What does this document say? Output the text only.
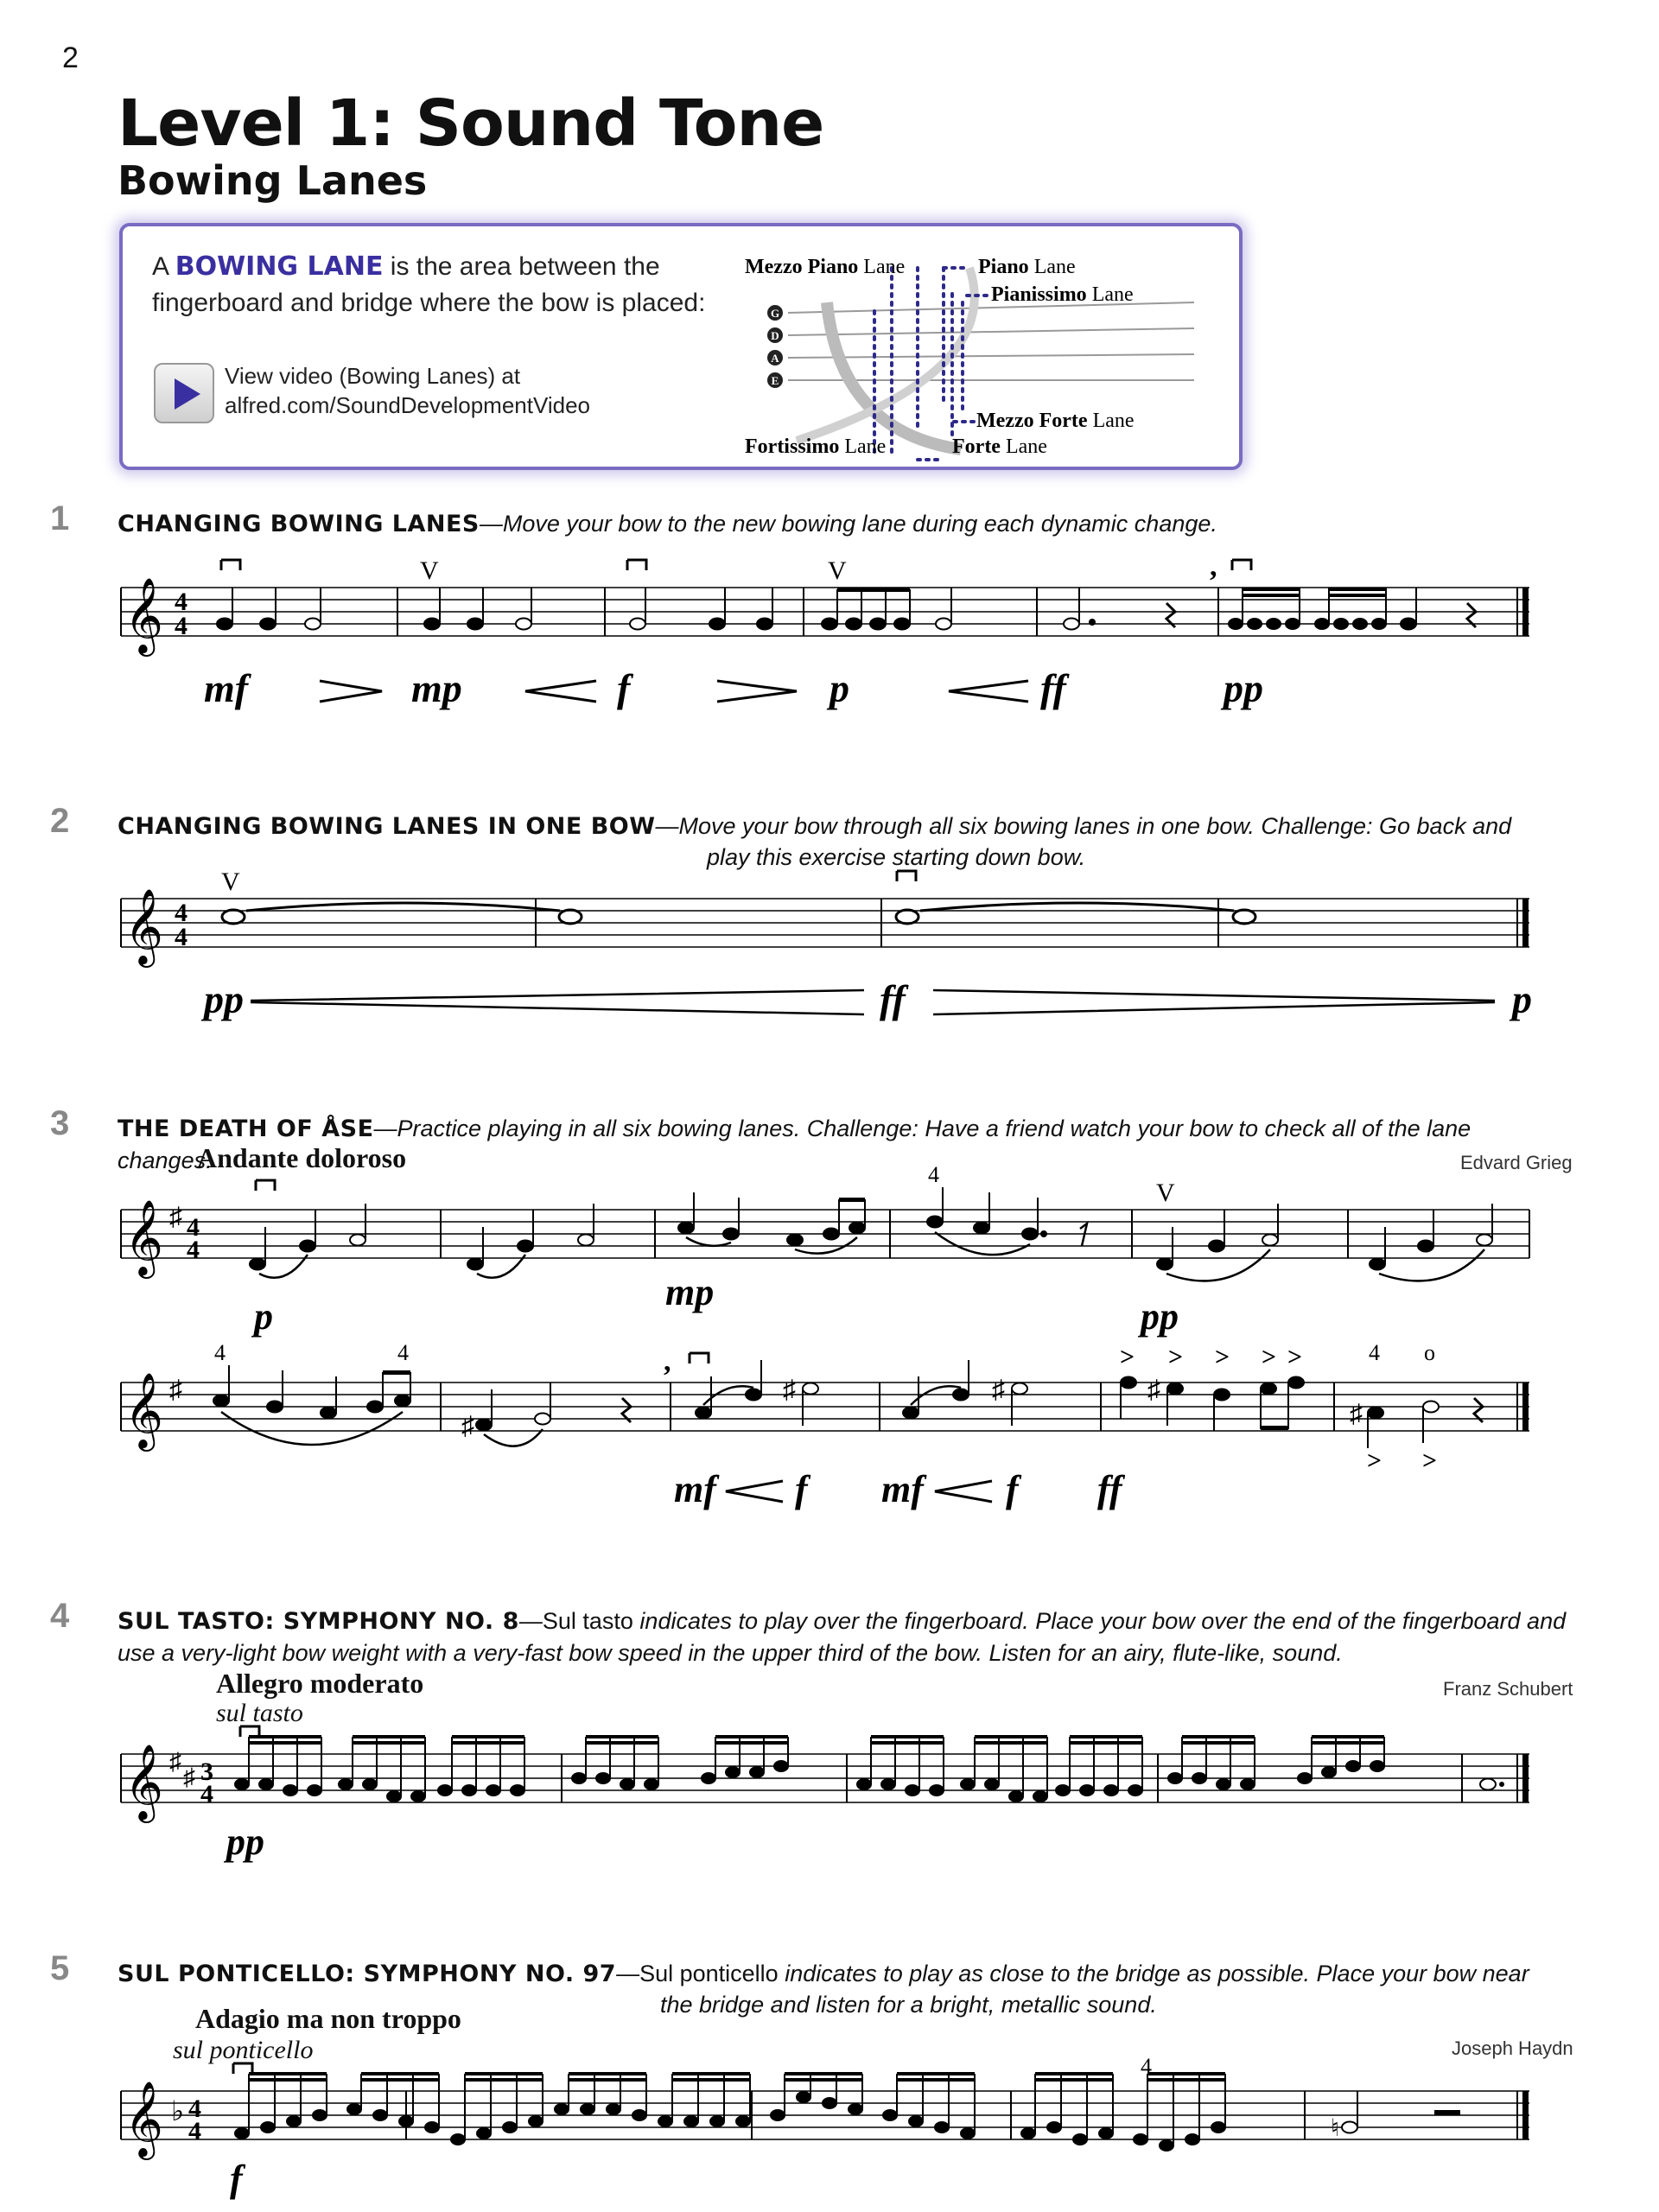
2
Level 1: Sound Tone
Bowing Lanes
A BOWING LANE is the area between the fingerboard and bridge where the bow is placed:
View video (Bowing Lanes) at
alfred.com/SoundDevelopmentVideo
G
D
A
E
Mezzo Piano Lane	Piano Lane
Pianissimo Lane
Mezzo Forte Lane
Fortissimo Lane	Forte Lane
1 CHANGING BOWING LANES—Move your bow to the new bowing lane during each dynamic change.
𝄞 4
4
V	V	,
mf	mp	f	p	ff	pp
2 CHANGING BOWING LANES IN ONE BOW—Move your bow through all six bowing lanes in one bow. Challenge: Go back and
play this exercise starting down bow.
𝄞 4
4
V
pp	ff	p
3 THE DEATH OF ÅSE—Practice playing in all six bowing lanes. Challenge: Have a friend watch your bow to check all of the lane changes.
Andante doloroso	Edvard Grieg
𝄞 ♯ 4
4
V
4
p
mp
pp
𝄞 ♯
♯
♯	♯	♯
♯
,
4	4	4 o
> > > > >
> >
mf f mf f ff
4 SUL TASTO: SYMPHONY NO. 8—Sul tasto indicates to play over the fingerboard. Place your bow over the end of the fingerboard and use a very-light bow weight with a very-fast bow speed in the upper third of the bow. Listen for an airy, flute-like, sound.
Allegro moderato
sul tasto
Franz Schubert
𝄞 ♯
♯ 3
4
pp
5 SUL PONTICELLO: SYMPHONY NO. 97—Sul ponticello indicates to play as close to the bridge as possible. Place your bow near
the bridge and listen for a bright, metallic sound.
Adagio ma non troppo
sul ponticello	Joseph Haydn
𝄞 ♭ 4
4	♮
4
f
